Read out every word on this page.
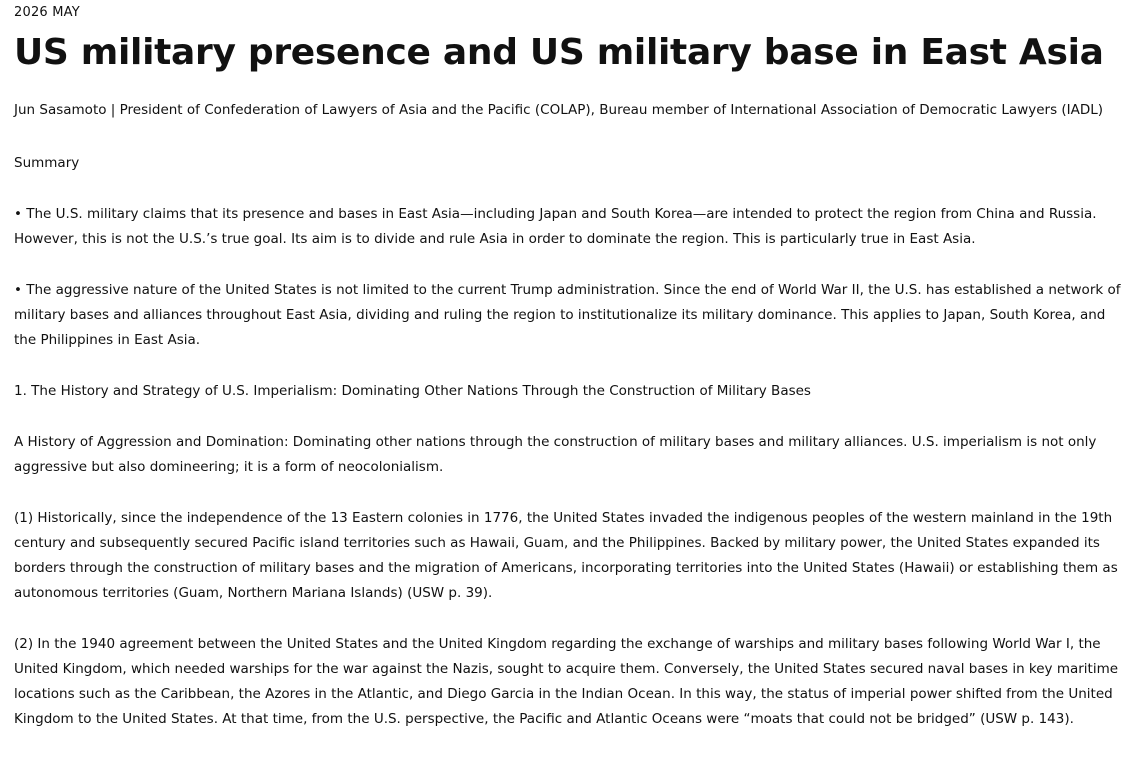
2026 MAY

US military presence and US military base in East Asia

Jun Sasamoto | President of Confederation of Lawyers of Asia and the Pacific (COLAP), Bureau member of International Association of Democratic Lawyers (IADL)

Summary

• The U.S. military claims that its presence and bases in East Asia—including Japan and South Korea—are intended to protect the region from China and Russia. However, this is not the U.S.’s true goal. Its aim is to divide and rule Asia in order to dominate the region. This is particularly true in East Asia.

• The aggressive nature of the United States is not limited to the current Trump administration. Since the end of World War II, the U.S. has established a network of military bases and alliances throughout East Asia, dividing and ruling the region to institutionalize its military dominance. This applies to Japan, South Korea, and the Philippines in East Asia.

1. The History and Strategy of U.S. Imperialism: Dominating Other Nations Through the Construction of Military Bases

A History of Aggression and Domination: Dominating other nations through the construction of military bases and military alliances. U.S. imperialism is not only aggressive but also domineering; it is a form of neocolonialism.

(1) Historically, since the independence of the 13 Eastern colonies in 1776, the United States invaded the indigenous peoples of the western mainland in the 19th century and subsequently secured Pacific island territories such as Hawaii, Guam, and the Philippines. Backed by military power, the United States expanded its borders through the construction of military bases and the migration of Americans, incorporating territories into the United States (Hawaii) or establishing them as autonomous territories (Guam, Northern Mariana Islands) (USW p. 39).

(2) In the 1940 agreement between the United States and the United Kingdom regarding the exchange of warships and military bases following World War I, the United Kingdom, which needed warships for the war against the Nazis, sought to acquire them. Conversely, the United States secured naval bases in key maritime locations such as the Caribbean, the Azores in the Atlantic, and Diego Garcia in the Indian Ocean. In this way, the status of imperial power shifted from the United Kingdom to the United States. At that time, from the U.S. perspective, the Pacific and Atlantic Oceans were “moats that could not be bridged” (USW p. 143).
